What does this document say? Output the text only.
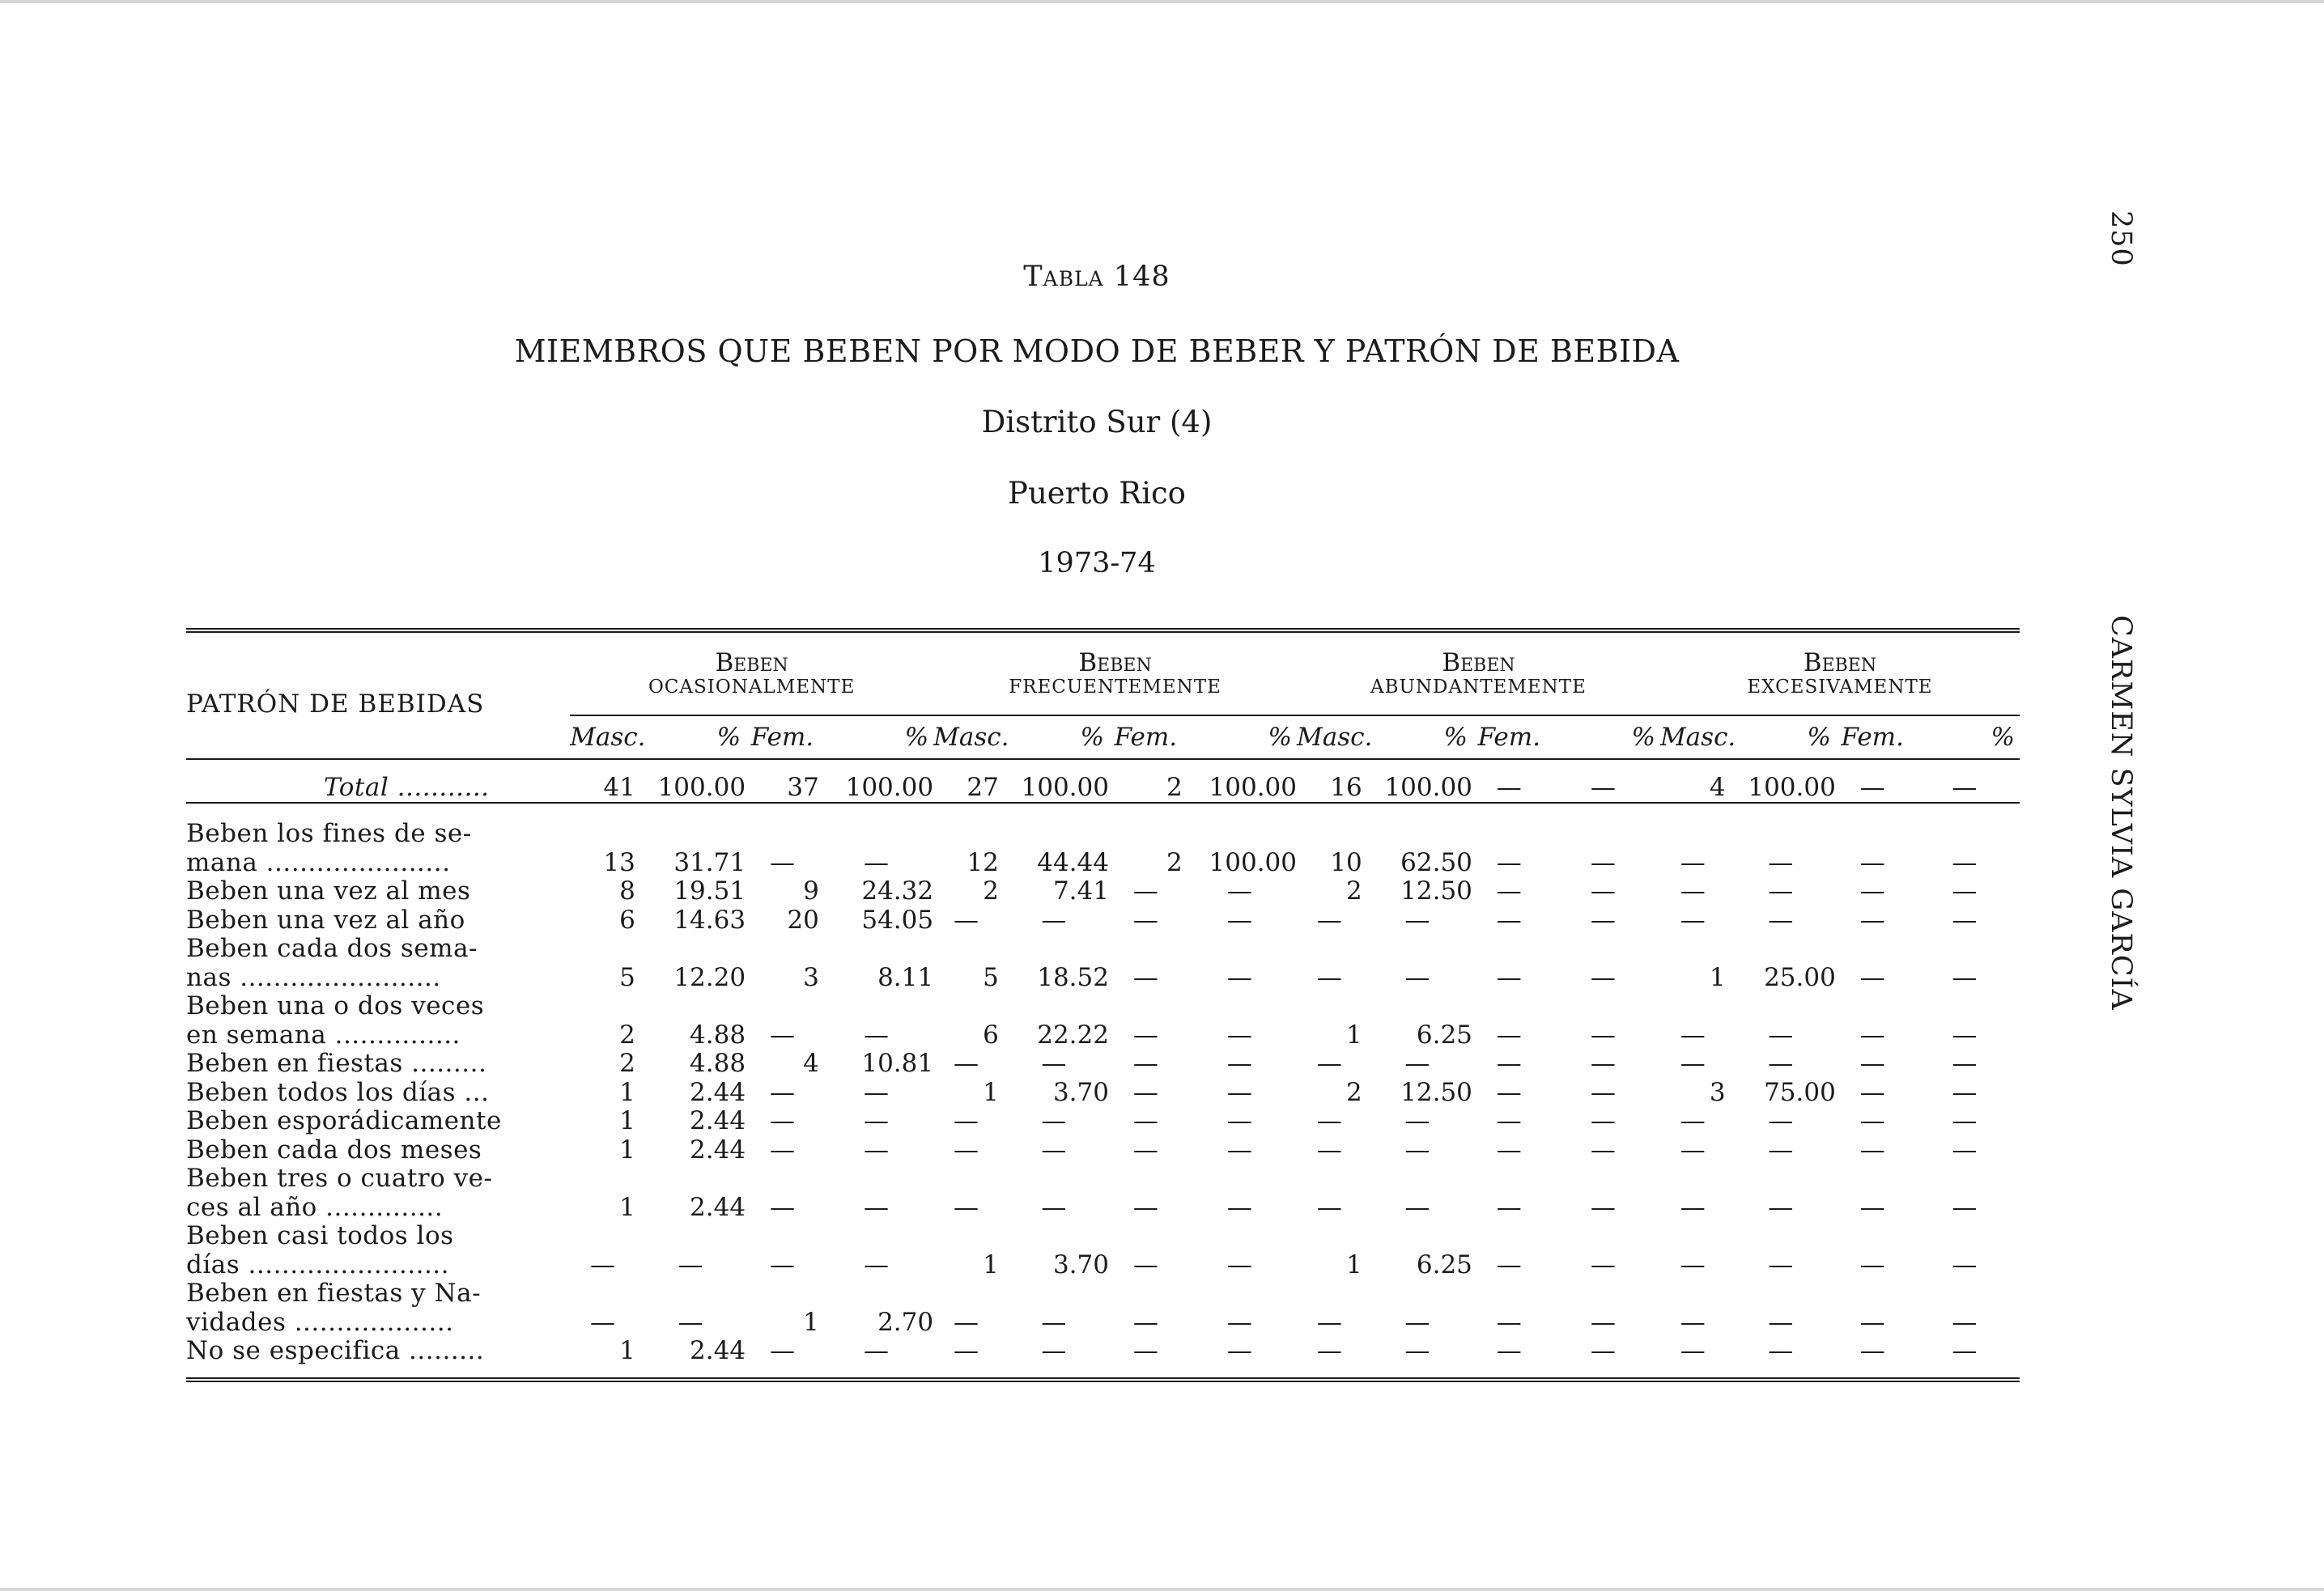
250
CARMEN SYLVIA GARCÍA
Tabla 148
MIEMBROS QUE BEBEN POR MODO DE BEBER Y PATRÓN DE BEBIDA
Distrito Sur (4)
Puerto Rico
1973-74

PATRÓN DE BEBIDAS	Beben
OCASIONALMENTE				Beben
FRECUENTEMENTE				Beben
ABUNDANTEMENTE				Beben
EXCESIVAMENTE			

	Masc.	%	Fem.	%	Masc.	%	Fem.	%	Masc.	%	Fem.	%	Masc.	%	Fem.	%

Total ...........	41	100.00	37	100.00	27	100.00	2	100.00	16	100.00	—	—	4	100.00	—	—

Beben los fines de se-																
mana ......................	13	31.71	—	—	12	44.44	2	100.00	10	62.50	—	—	—	—	—	—
Beben una vez al mes	8	19.51	9	24.32	2	7.41	—	—	2	12.50	—	—	—	—	—	—
Beben una vez al año	6	14.63	20	54.05	—	—	—	—	—	—	—	—	—	—	—	—
Beben cada dos sema-																
nas ........................	5	12.20	3	8.11	5	18.52	—	—	—	—	—	—	1	25.00	—	—
Beben una o dos veces																
en semana ...............	2	4.88	—	—	6	22.22	—	—	1	6.25	—	—	—	—	—	—
Beben en fiestas .........	2	4.88	4	10.81	—	—	—	—	—	—	—	—	—	—	—	—
Beben todos los días ...	1	2.44	—	—	1	3.70	—	—	2	12.50	—	—	3	75.00	—	—
Beben esporádicamente	1	2.44	—	—	—	—	—	—	—	—	—	—	—	—	—	—
Beben cada dos meses	1	2.44	—	—	—	—	—	—	—	—	—	—	—	—	—	—
Beben tres o cuatro ve-																
ces al año ..............	1	2.44	—	—	—	—	—	—	—	—	—	—	—	—	—	—
Beben casi todos los																
días ........................	—	—	—	—	1	3.70	—	—	1	6.25	—	—	—	—	—	—
Beben en fiestas y Na-																
vidades ...................	—	—	1	2.70	—	—	—	—	—	—	—	—	—	—	—	—
No se especifica .........	1	2.44	—	—	—	—	—	—	—	—	—	—	—	—	—	—
